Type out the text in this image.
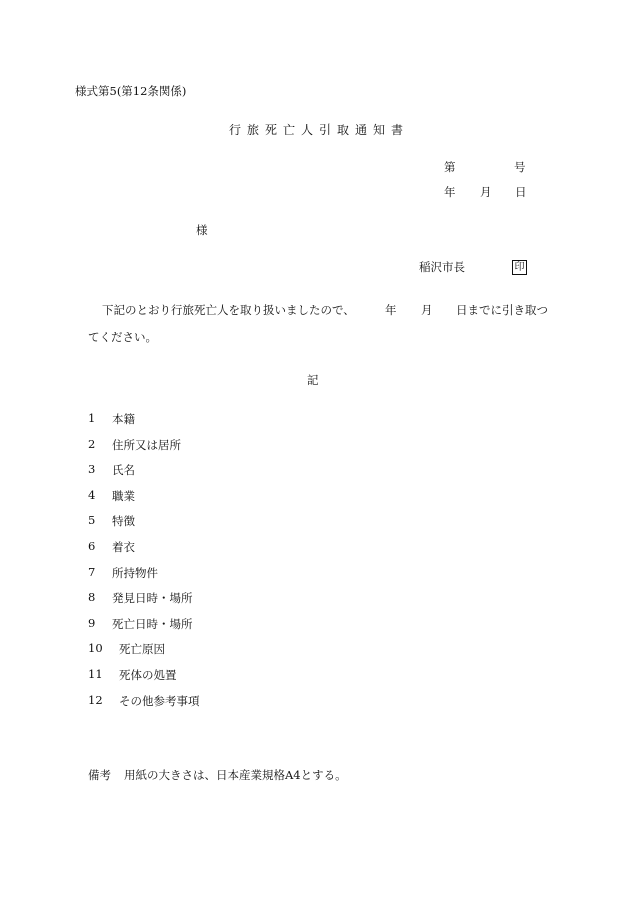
様式第5(第12条関係)
行旅死亡人引取通知書
第	号
年 月 日
様
稲沢市長	印
下記のとおり行旅死亡人を取り扱いましたので、	年 月 日までに引き取つ
てください。
記
1	本籍
2	住所又は居所
3	氏名
4	職業
5	特徴
6	着衣
7	所持物件
8	発見日時・場所
9	死亡日時・場所
10	死亡原因
11	死体の処置
12	その他参考事項
備考 用紙の大きさは、日本産業規格A4とする。
